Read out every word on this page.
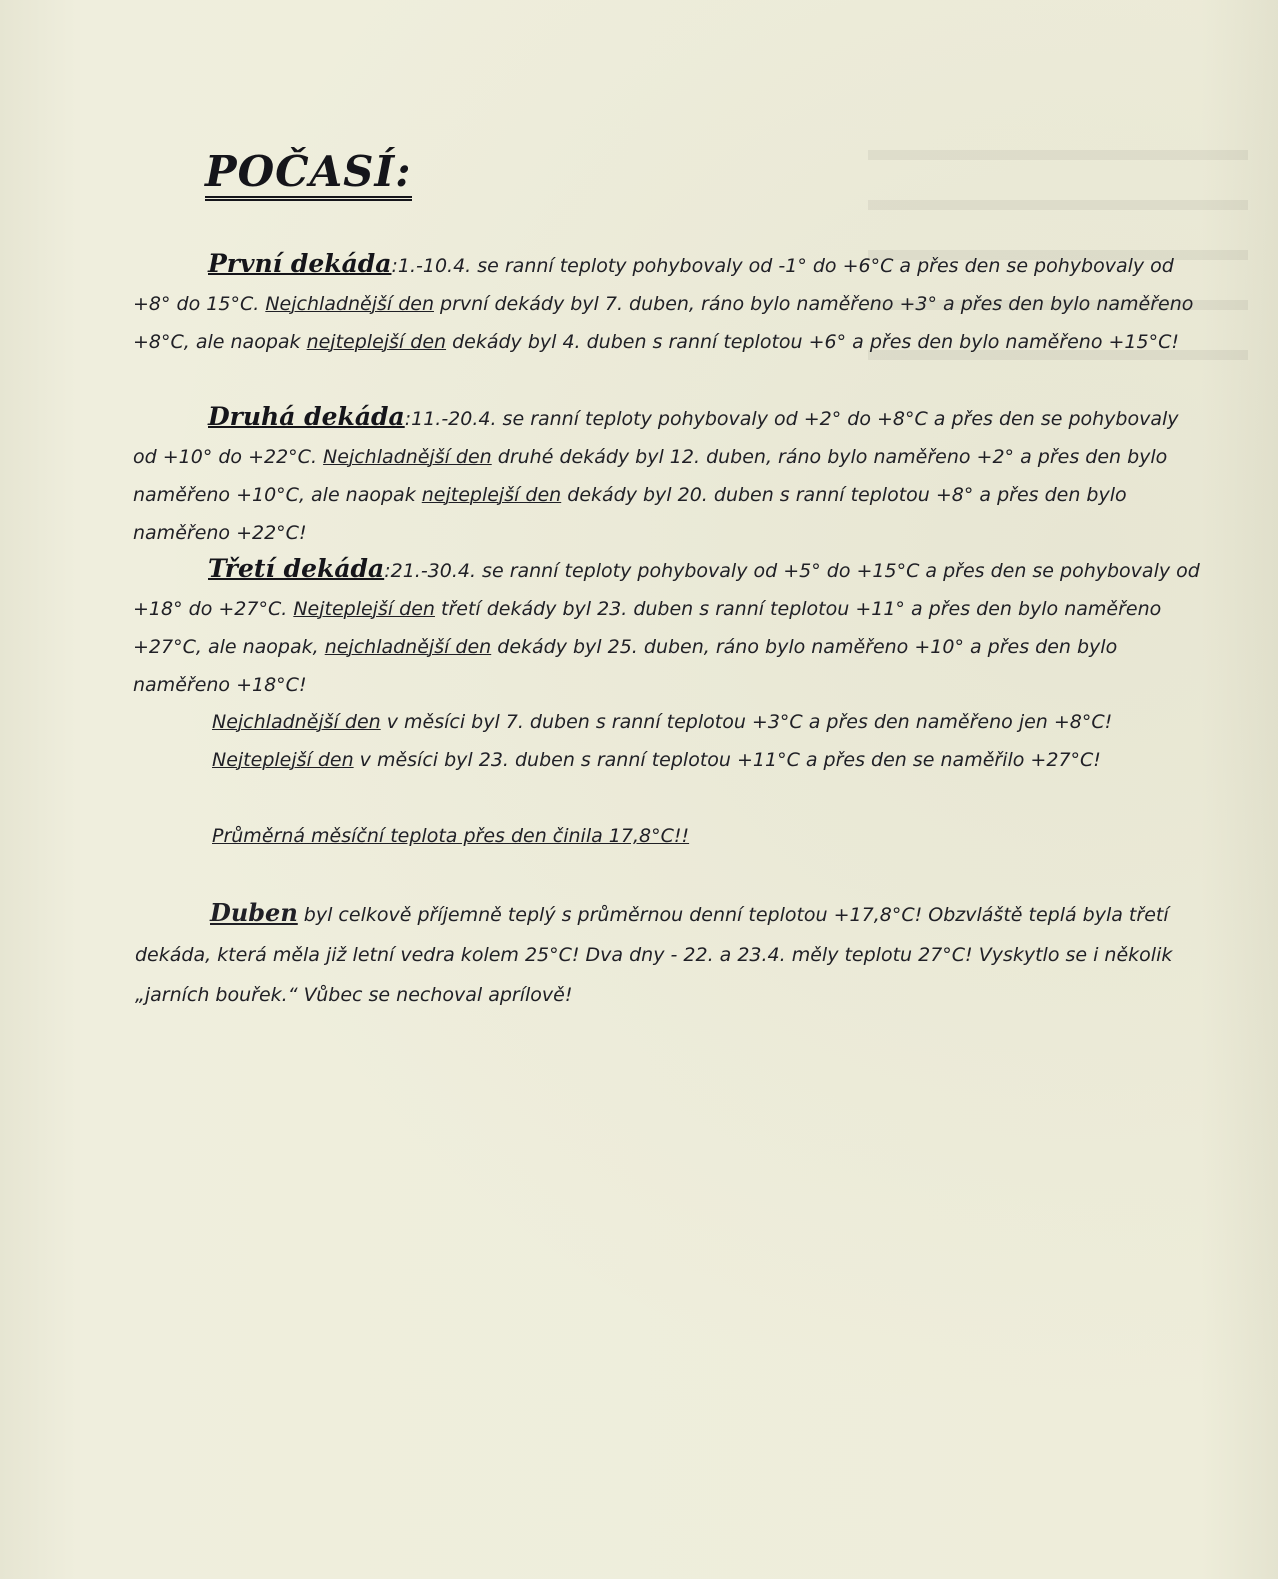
POČASÍ:

První dekáda:1.-10.4. se ranní teploty pohybovaly od -1° do +6°C a přes den se pohybovaly od +8° do 15°C. Nejchladnější den první dekády byl 7. duben, ráno bylo naměřeno +3° a přes den bylo naměřeno +8°C, ale naopak nejteplejší den dekády byl 4. duben s ranní teplotou +6° a přes den bylo naměřeno +15°C!

Druhá dekáda:11.-20.4. se ranní teploty pohybovaly od +2° do +8°C a přes den se pohybovaly od +10° do +22°C. Nejchladnější den druhé dekády byl 12. duben, ráno bylo naměřeno +2° a přes den bylo naměřeno +10°C, ale naopak nejteplejší den dekády byl 20. duben s ranní teplotou +8° a přes den bylo naměřeno +22°C!

Třetí dekáda:21.-30.4. se ranní teploty pohybovaly od +5° do +15°C a přes den se pohybovaly od +18° do +27°C. Nejteplejší den třetí dekády byl 23. duben s ranní teplotou +11° a přes den bylo naměřeno +27°C, ale naopak, nejchladnější den dekády byl 25. duben, ráno bylo naměřeno +10° a přes den bylo naměřeno +18°C!

Nejchladnější den v měsíci byl 7. duben s ranní teplotou +3°C a přes den naměřeno jen +8°C!
Nejteplejší den v měsíci byl 23. duben s ranní teplotou +11°C a přes den se naměřilo +27°C!
Průměrná měsíční teplota přes den činila 17,8°C!!

Duben byl celkově příjemně teplý s průměrnou denní teplotou +17,8°C! Obzvláště teplá byla třetí dekáda, která měla již letní vedra kolem 25°C! Dva dny - 22. a 23.4. měly teplotu 27°C! Vyskytlo se i několik „jarních bouřek.“ Vůbec se nechoval aprílově!
